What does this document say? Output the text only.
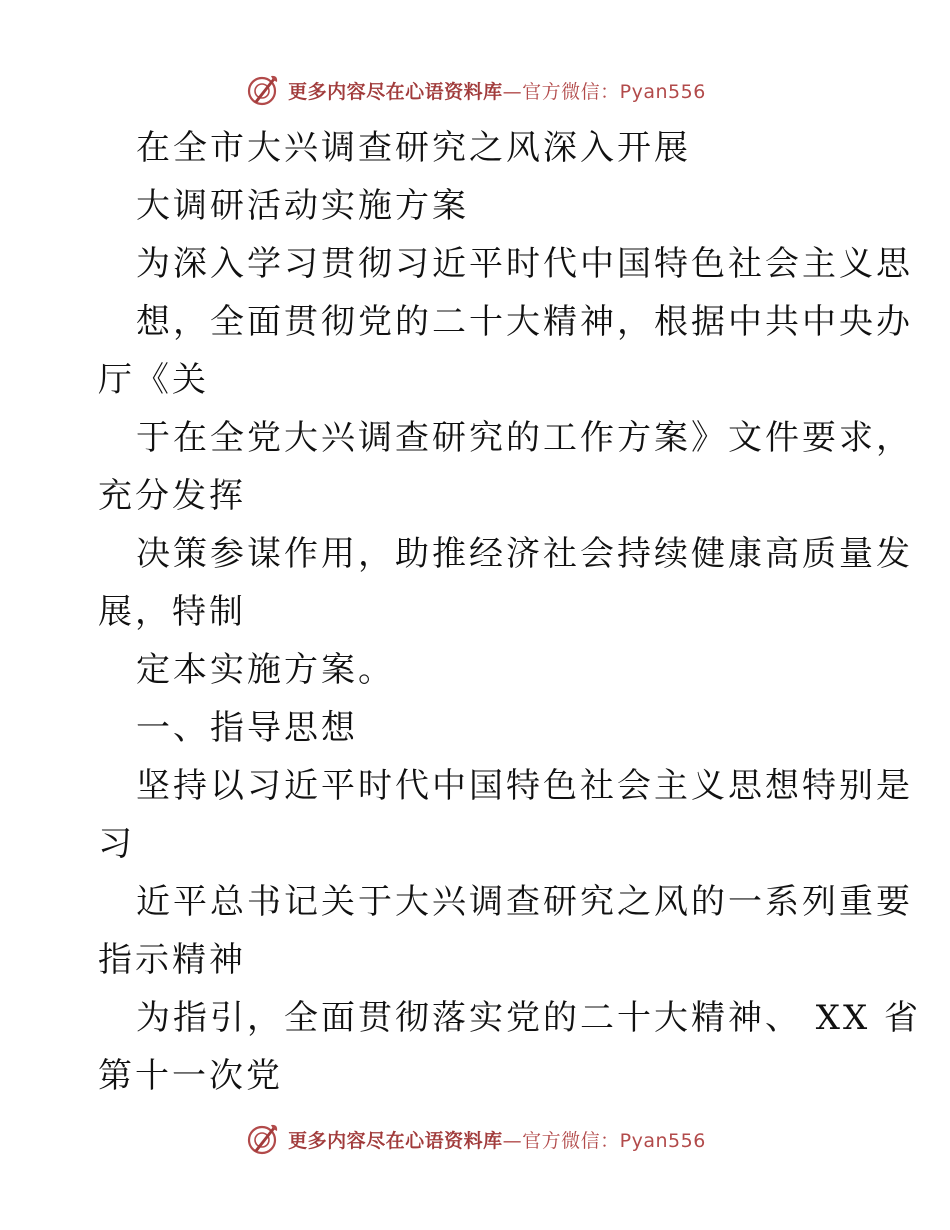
更多内容尽在心语资料库—官方微信：Pyan556
在全市大兴调查研究之风深入开展
大调研活动实施方案
为深入学习贯彻习近平时代中国特色社会主义思
想，全面贯彻党的二十大精神，根据中共中央办
厅《关
于在全党大兴调查研究的工作方案》文件要求，
充分发挥
决策参谋作用，助推经济社会持续健康高质量发
展，特制
定本实施方案。
一、指导思想
坚持以习近平时代中国特色社会主义思想特别是
习
近平总书记关于大兴调查研究之风的一系列重要
指示精神
为指引，全面贯彻落实党的二十大精神、 XX 省
第十一次党
更多内容尽在心语资料库—官方微信：Pyan556
